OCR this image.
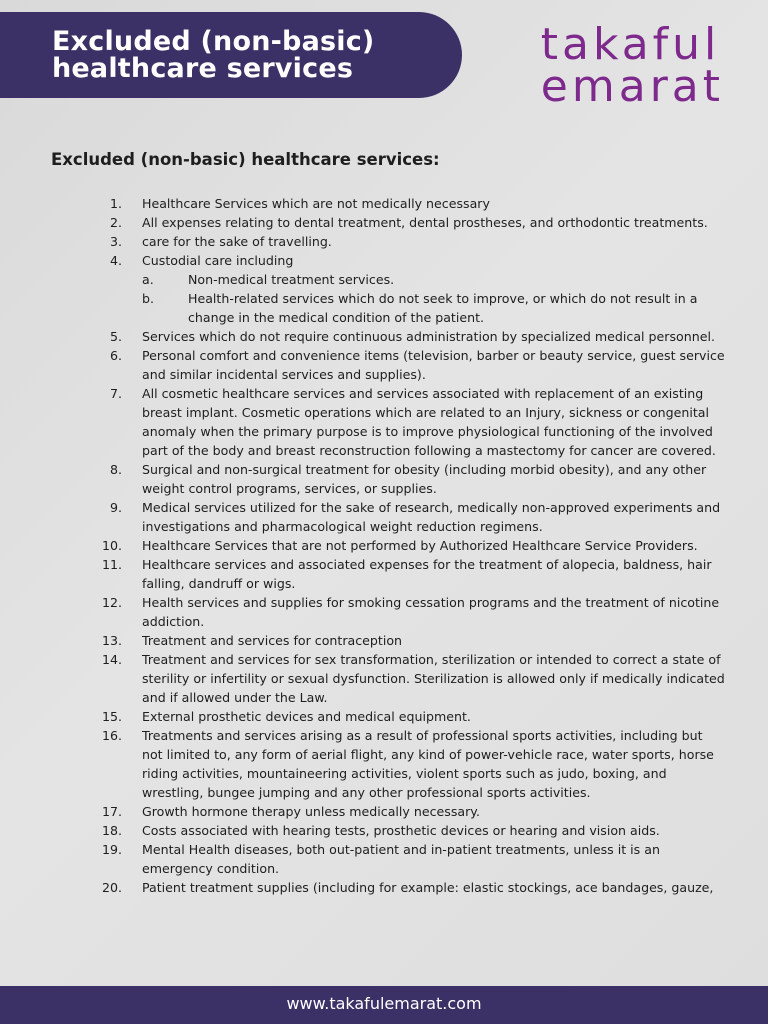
Excluded (non-basic)
healthcare services	takaful
emarat
Excluded (non-basic) healthcare services:
1. Healthcare Services which are not medically necessary
2. All expenses relating to dental treatment, dental prostheses, and orthodontic treatments.
3. care for the sake of travelling.
4. Custodial care including
a.	Non-medical treatment services.
b.	Health-related services which do not seek to improve, or which do not result in a change in the medical condition of the patient.
5. Services which do not require continuous administration by specialized medical personnel.
6. Personal comfort and convenience items (television, barber or beauty service, guest service and similar incidental services and supplies).
7. All cosmetic healthcare services and services associated with replacement of an existing breast implant. Cosmetic operations which are related to an Injury, sickness or congenital anomaly when the primary purpose is to improve physiological functioning of the involved part of the body and breast reconstruction following a mastectomy for cancer are covered.
8. Surgical and non-surgical treatment for obesity (including morbid obesity), and any other weight control programs, services, or supplies.
9. Medical services utilized for the sake of research, medically non-approved experiments and investigations and pharmacological weight reduction regimens.
10. Healthcare Services that are not performed by Authorized Healthcare Service Providers.
11. Healthcare services and associated expenses for the treatment of alopecia, baldness, hair falling, dandruff or wigs.
12. Health services and supplies for smoking cessation programs and the treatment of nicotine addiction.
13. Treatment and services for contraception
14. Treatment and services for sex transformation, sterilization or intended to correct a state of sterility or infertility or sexual dysfunction. Sterilization is allowed only if medically indicated and if allowed under the Law.
15. External prosthetic devices and medical equipment.
16. Treatments and services arising as a result of professional sports activities, including but not limited to, any form of aerial flight, any kind of power-vehicle race, water sports, horse riding activities, mountaineering activities, violent sports such as judo, boxing, and wrestling, bungee jumping and any other professional sports activities.
17. Growth hormone therapy unless medically necessary.
18. Costs associated with hearing tests, prosthetic devices or hearing and vision aids.
19. Mental Health diseases, both out-patient and in-patient treatments, unless it is an emergency condition.
20. Patient treatment supplies (including for example: elastic stockings, ace bandages, gauze,
www.takafulemarat.com
